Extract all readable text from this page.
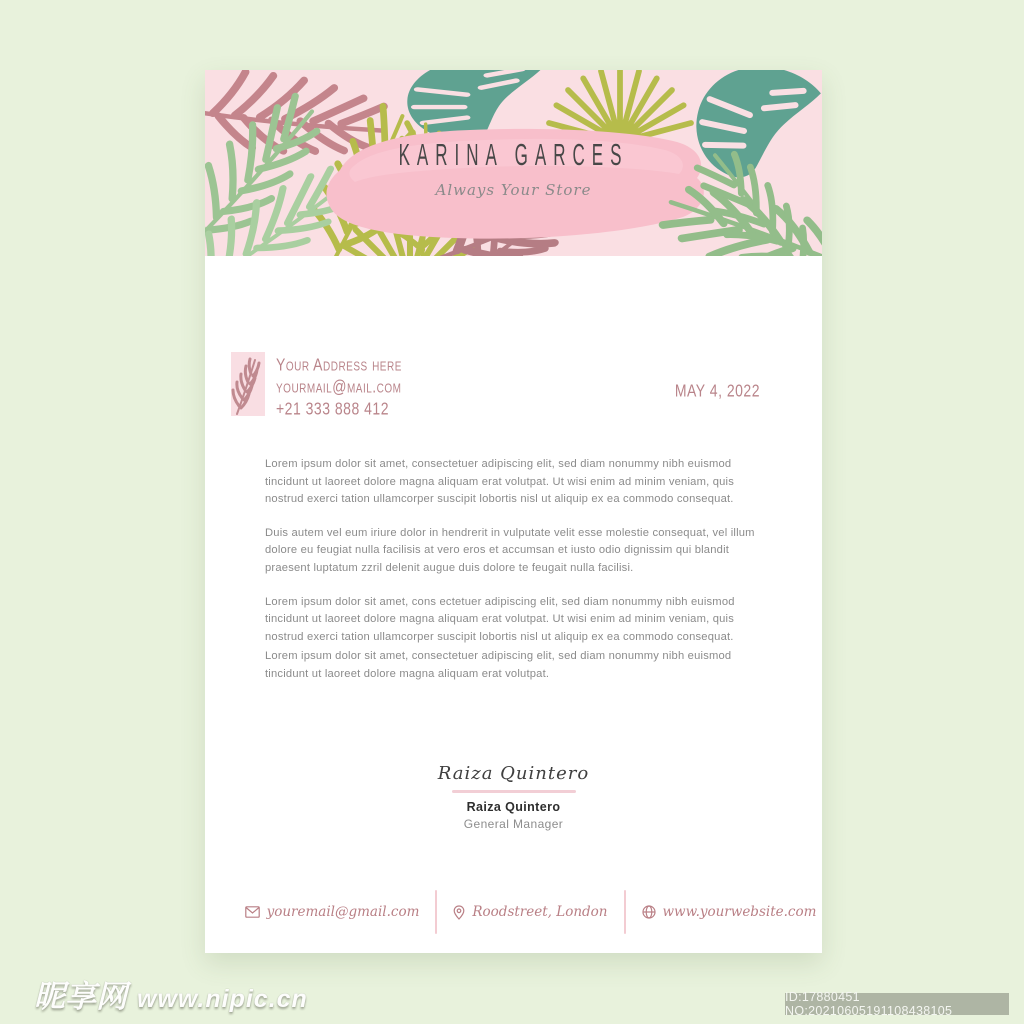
KARINA GARCES
Always Your Store
Your Address here
yourmail@mail.com
+21 333 888 412
MAY 4, 2022

Lorem ipsum dolor sit amet, consectetuer adipiscing elit, sed diam nonummy nibh euismod tincidunt ut laoreet dolore magna aliquam erat volutpat. Ut wisi enim ad minim veniam, quis nostrud exerci tation ullamcorper suscipit lobortis nisl ut aliquip ex ea commodo consequat.

Duis autem vel eum iriure dolor in hendrerit in vulputate velit esse molestie consequat, vel illum dolore eu feugiat nulla facilisis at vero eros et accumsan et iusto odio dignissim qui blandit praesent luptatum zzril delenit augue duis dolore te feugait nulla facilisi.

Lorem ipsum dolor sit amet, cons ectetuer adipiscing elit, sed diam nonummy nibh euismod tincidunt ut laoreet dolore magna aliquam erat volutpat. Ut wisi enim ad minim veniam, quis nostrud exerci tation ullamcorper suscipit lobortis nisl ut aliquip ex ea commodo consequat.

Lorem ipsum dolor sit amet, consectetuer adipiscing elit, sed diam nonummy nibh euismod tincidunt ut laoreet dolore magna aliquam erat volutpat.

Raiza Quintero
Raiza Quintero
General Manager
youremail@gmail.com	Roodstreet, London	www.yourwebsite.com
昵享网 www.nipic.cn	ID:17880451 NO:20210605191108438105
